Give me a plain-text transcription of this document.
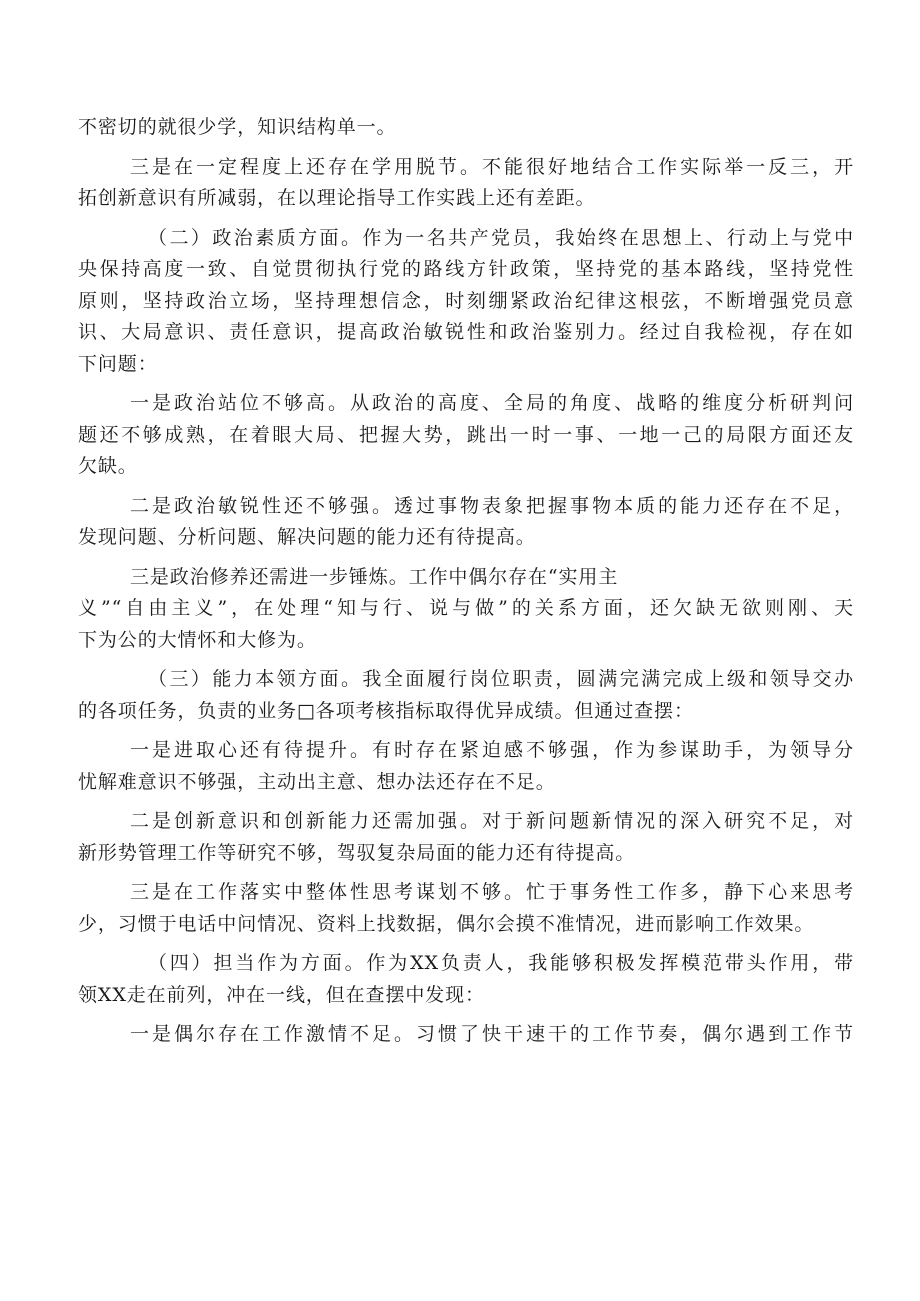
不密切的就很少学，知识结构单一。
三是在一定程度上还存在学用脱节。不能很好地结合工作实际举一反三，开
拓创新意识有所减弱，在以理论指导工作实践上还有差距。
（二）政治素质方面。作为一名共产党员，我始终在思想上、行动上与党中
央保持高度一致、自觉贯彻执行党的路线方针政策，坚持党的基本路线，坚持党性
原则，坚持政治立场，坚持理想信念，时刻绷紧政治纪律这根弦，不断增强党员意
识、大局意识、责任意识，提高政治敏锐性和政治鉴别力。经过自我检视，存在如
下问题：
一是政治站位不够高。从政治的高度、全局的角度、战略的维度分析研判问
题还不够成熟，在着眼大局、把握大势，跳出一时一事、一地一己的局限方面还友
欠缺。
二是政治敏锐性还不够强。透过事物表象把握事物本质的能力还存在不足，
发现问题、分析问题、解决问题的能力还有待提高。
三是政治修养还需进一步锤炼。工作中偶尔存在“实用主
义”“自由主义”，在处理“知与行、说与做”的关系方面，还欠缺无欲则刚、天
下为公的大情怀和大修为。
（三）能力本领方面。我全面履行岗位职责，圆满完满完成上级和领导交办
的各项任务，负责的业务□各项考核指标取得优异成绩。但通过查摆：
一是进取心还有待提升。有时存在紧迫感不够强，作为参谋助手，为领导分
忧解难意识不够强，主动出主意、想办法还存在不足。
二是创新意识和创新能力还需加强。对于新问题新情况的深入研究不足，对
新形势管理工作等研究不够，驾驭复杂局面的能力还有待提高。
三是在工作落实中整体性思考谋划不够。忙于事务性工作多，静下心来思考
少，习惯于电话中问情况、资料上找数据，偶尔会摸不准情况，进而影响工作效果。
（四）担当作为方面。作为XX负责人，我能够积极发挥模范带头作用，带
领XX走在前列，冲在一线，但在查摆中发现：
一是偶尔存在工作激情不足。习惯了快干速干的工作节奏，偶尔遇到工作节
